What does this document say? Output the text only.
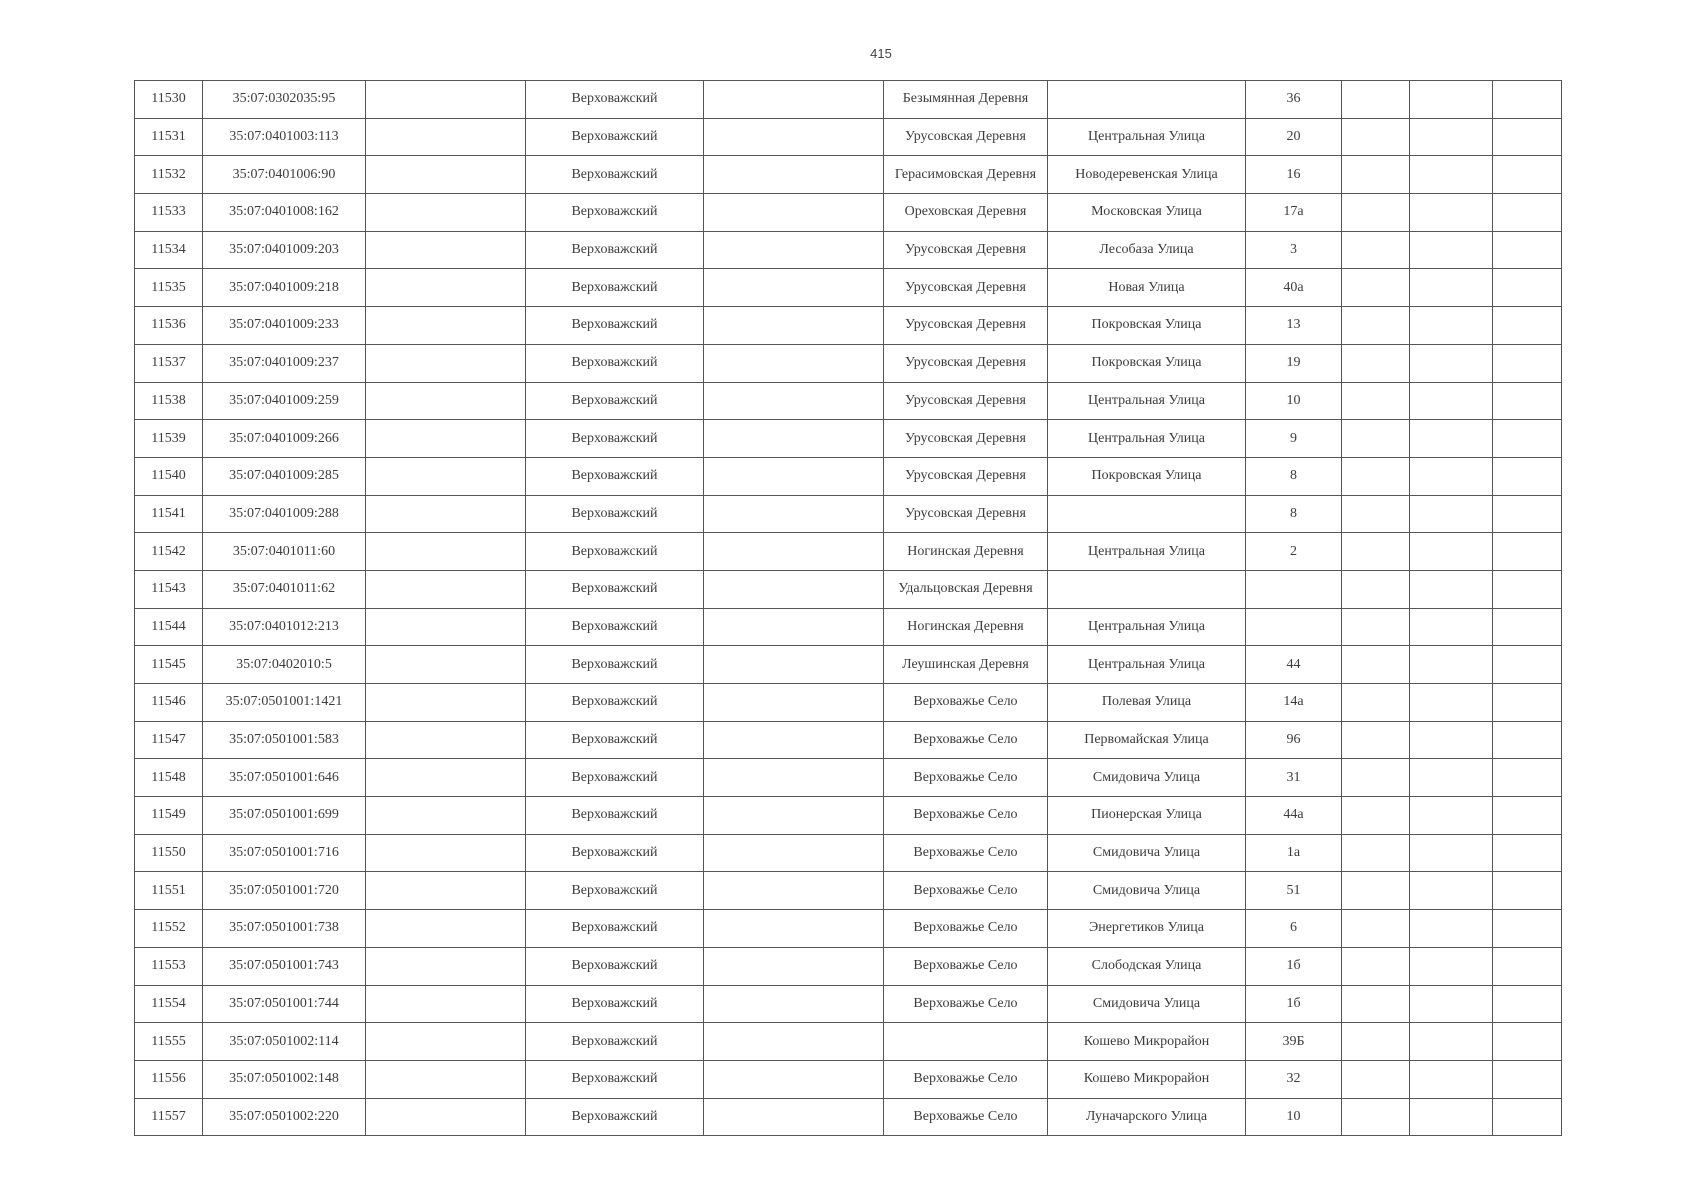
415
11530	35:07:0302035:95		Верховажский		Безымянная Деревня		36			
11531	35:07:0401003:113		Верховажский		Урусовская Деревня	Центральная Улица	20			
11532	35:07:0401006:90		Верховажский		Герасимовская Деревня	Новодеревенская Улица	16			
11533	35:07:0401008:162		Верховажский		Ореховская Деревня	Московская Улица	17а			
11534	35:07:0401009:203		Верховажский		Урусовская Деревня	Лесобаза Улица	3			
11535	35:07:0401009:218		Верховажский		Урусовская Деревня	Новая Улица	40а			
11536	35:07:0401009:233		Верховажский		Урусовская Деревня	Покровская Улица	13			
11537	35:07:0401009:237		Верховажский		Урусовская Деревня	Покровская Улица	19			
11538	35:07:0401009:259		Верховажский		Урусовская Деревня	Центральная Улица	10			
11539	35:07:0401009:266		Верховажский		Урусовская Деревня	Центральная Улица	9			
11540	35:07:0401009:285		Верховажский		Урусовская Деревня	Покровская Улица	8			
11541	35:07:0401009:288		Верховажский		Урусовская Деревня		8			
11542	35:07:0401011:60		Верховажский		Ногинская Деревня	Центральная Улица	2			
11543	35:07:0401011:62		Верховажский		Удальцовская Деревня					
11544	35:07:0401012:213		Верховажский		Ногинская Деревня	Центральная Улица				
11545	35:07:0402010:5		Верховажский		Леушинская Деревня	Центральная Улица	44			
11546	35:07:0501001:1421		Верховажский		Верховажье Село	Полевая Улица	14а			
11547	35:07:0501001:583		Верховажский		Верховажье Село	Первомайская Улица	96			
11548	35:07:0501001:646		Верховажский		Верховажье Село	Смидовича Улица	31			
11549	35:07:0501001:699		Верховажский		Верховажье Село	Пионерская Улица	44а			
11550	35:07:0501001:716		Верховажский		Верховажье Село	Смидовича Улица	1а			
11551	35:07:0501001:720		Верховажский		Верховажье Село	Смидовича Улица	51			
11552	35:07:0501001:738		Верховажский		Верховажье Село	Энергетиков Улица	6			
11553	35:07:0501001:743		Верховажский		Верховажье Село	Слободская Улица	1б			
11554	35:07:0501001:744		Верховажский		Верховажье Село	Смидовича Улица	1б			
11555	35:07:0501002:114		Верховажский			Кошево Микрорайон	39Б			
11556	35:07:0501002:148		Верховажский		Верховажье Село	Кошево Микрорайон	32			
11557	35:07:0501002:220		Верховажский		Верховажье Село	Луначарского Улица	10			
